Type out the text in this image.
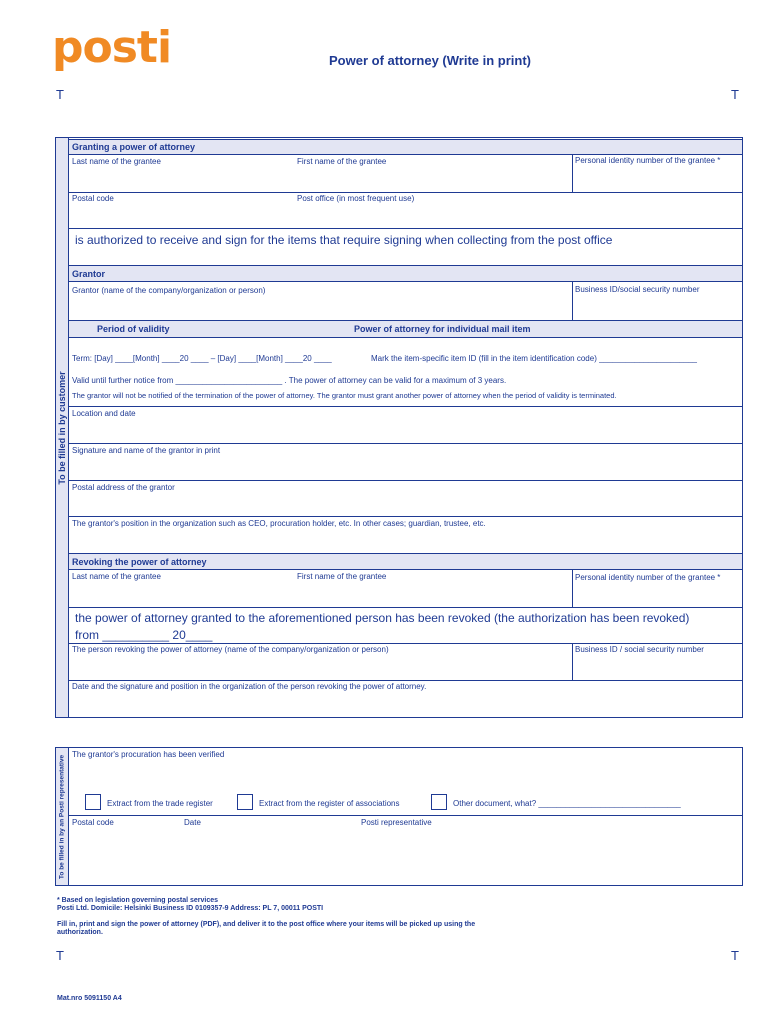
posti	Power of attorney (Write in print)
T	T
To be filled in by customer
Granting a power of attorney
Last name of the grantee	First name of the grantee	Personal identity number of the grantee *
Postal code	Post office (in most frequent use)
is authorized to receive and sign for the items that require signing when collecting from the post office
Grantor
Grantor (name of the company/organization or person)	Business ID/social security number
Period of validity	Power of attorney for individual mail item
Term: [Day] ____[Month] ____20 ____ – [Day] ____[Month] ____20 ____	Mark the item-specific item ID (fill in the item identification code) ______________________
Valid until further notice from ________________________ . The power of attorney can be valid for a maximum of 3 years.
The grantor will not be notified of the termination of the power of attorney. The grantor must grant another power of attorney when the period of validity is terminated.
Location and date
Signature and name of the grantor in print
Postal address of the grantor
The grantor's position in the organization such as CEO, procuration holder, etc. In other cases; guardian, trustee, etc.
Revoking the power of attorney
Last name of the grantee	First name of the grantee	Personal identity number of the grantee *
the power of attorney granted to the aforementioned person has been revoked (the authorization has been revoked)
from __________ 20____
The person revoking the power of attorney (name of the company/organization or person)	Business ID / social security number
Date and the signature and position in the organization of the person revoking the power of attorney.
To be filled in by an Posti representative The grantor's procuration has been verified
Extract from the trade register	Extract from the register of associations	Other document, what? ________________________________
Postal code	Date	Posti representative
* Based on legislation governing postal services
Posti Ltd. Domicile: Helsinki Business ID 0109357-9 Address: PL 7, 00011 POSTI
Fill in, print and sign the power of attorney (PDF), and deliver it to the post office where your items will be picked up using the
authorization.
T	T
Mat.nro 5091150 A4
